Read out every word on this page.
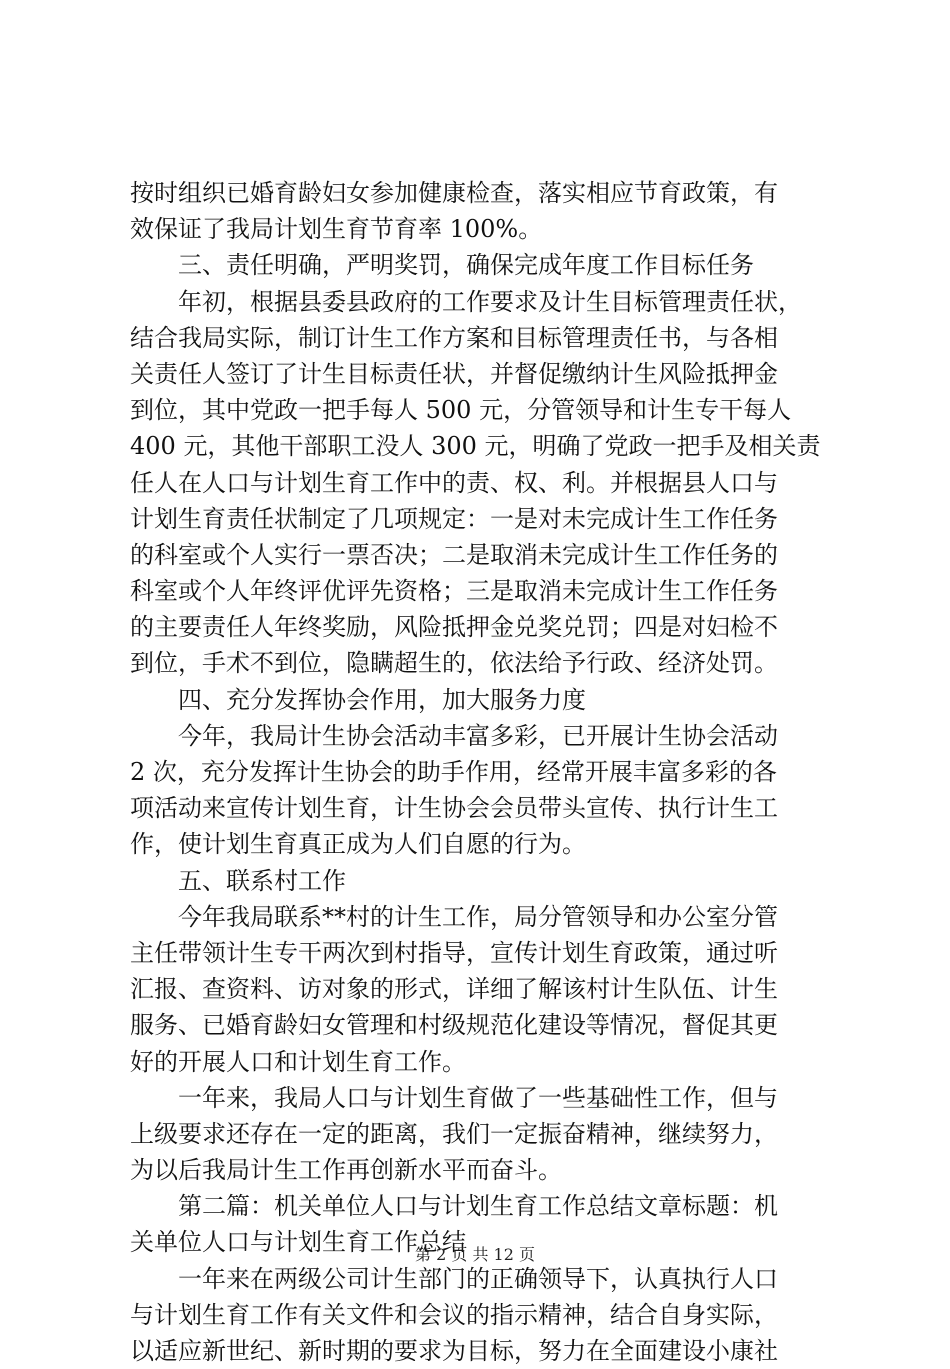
按时组织已婚育龄妇女参加健康检查，落实相应节育政策，有
效保证了我局计划生育节育率 100%。
三、责任明确，严明奖罚，确保完成年度工作目标任务
年初，根据县委县政府的工作要求及计生目标管理责任状，
结合我局实际，制订计生工作方案和目标管理责任书，与各相
关责任人签订了计生目标责任状，并督促缴纳计生风险抵押金
到位，其中党政一把手每人 500 元，分管领导和计生专干每人
400 元，其他干部职工没人 300 元，明确了党政一把手及相关责
任人在人口与计划生育工作中的责、权、利。并根据县人口与
计划生育责任状制定了几项规定：一是对未完成计生工作任务
的科室或个人实行一票否决；二是取消未完成计生工作任务的
科室或个人年终评优评先资格；三是取消未完成计生工作任务
的主要责任人年终奖励，风险抵押金兑奖兑罚；四是对妇检不
到位，手术不到位，隐瞒超生的，依法给予行政、经济处罚。
四、充分发挥协会作用，加大服务力度
今年，我局计生协会活动丰富多彩，已开展计生协会活动
2 次，充分发挥计生协会的助手作用，经常开展丰富多彩的各
项活动来宣传计划生育，计生协会会员带头宣传、执行计生工
作，使计划生育真正成为人们自愿的行为。
五、联系村工作
今年我局联系**村的计生工作，局分管领导和办公室分管
主任带领计生专干两次到村指导，宣传计划生育政策，通过听
汇报、查资料、访对象的形式，详细了解该村计生队伍、计生
服务、已婚育龄妇女管理和村级规范化建设等情况，督促其更
好的开展人口和计划生育工作。
一年来，我局人口与计划生育做了一些基础性工作，但与
上级要求还存在一定的距离，我们一定振奋精神，继续努力，
为以后我局计生工作再创新水平而奋斗。
第二篇：机关单位人口与计划生育工作总结文章标题：机
关单位人口与计划生育工作总结
一年来在两级公司计生部门的正确领导下，认真执行人口
与计划生育工作有关文件和会议的指示精神，结合自身实际，
以适应新世纪、新时期的要求为目标，努力在全面建设小康社
第 2 页 共 12 页
